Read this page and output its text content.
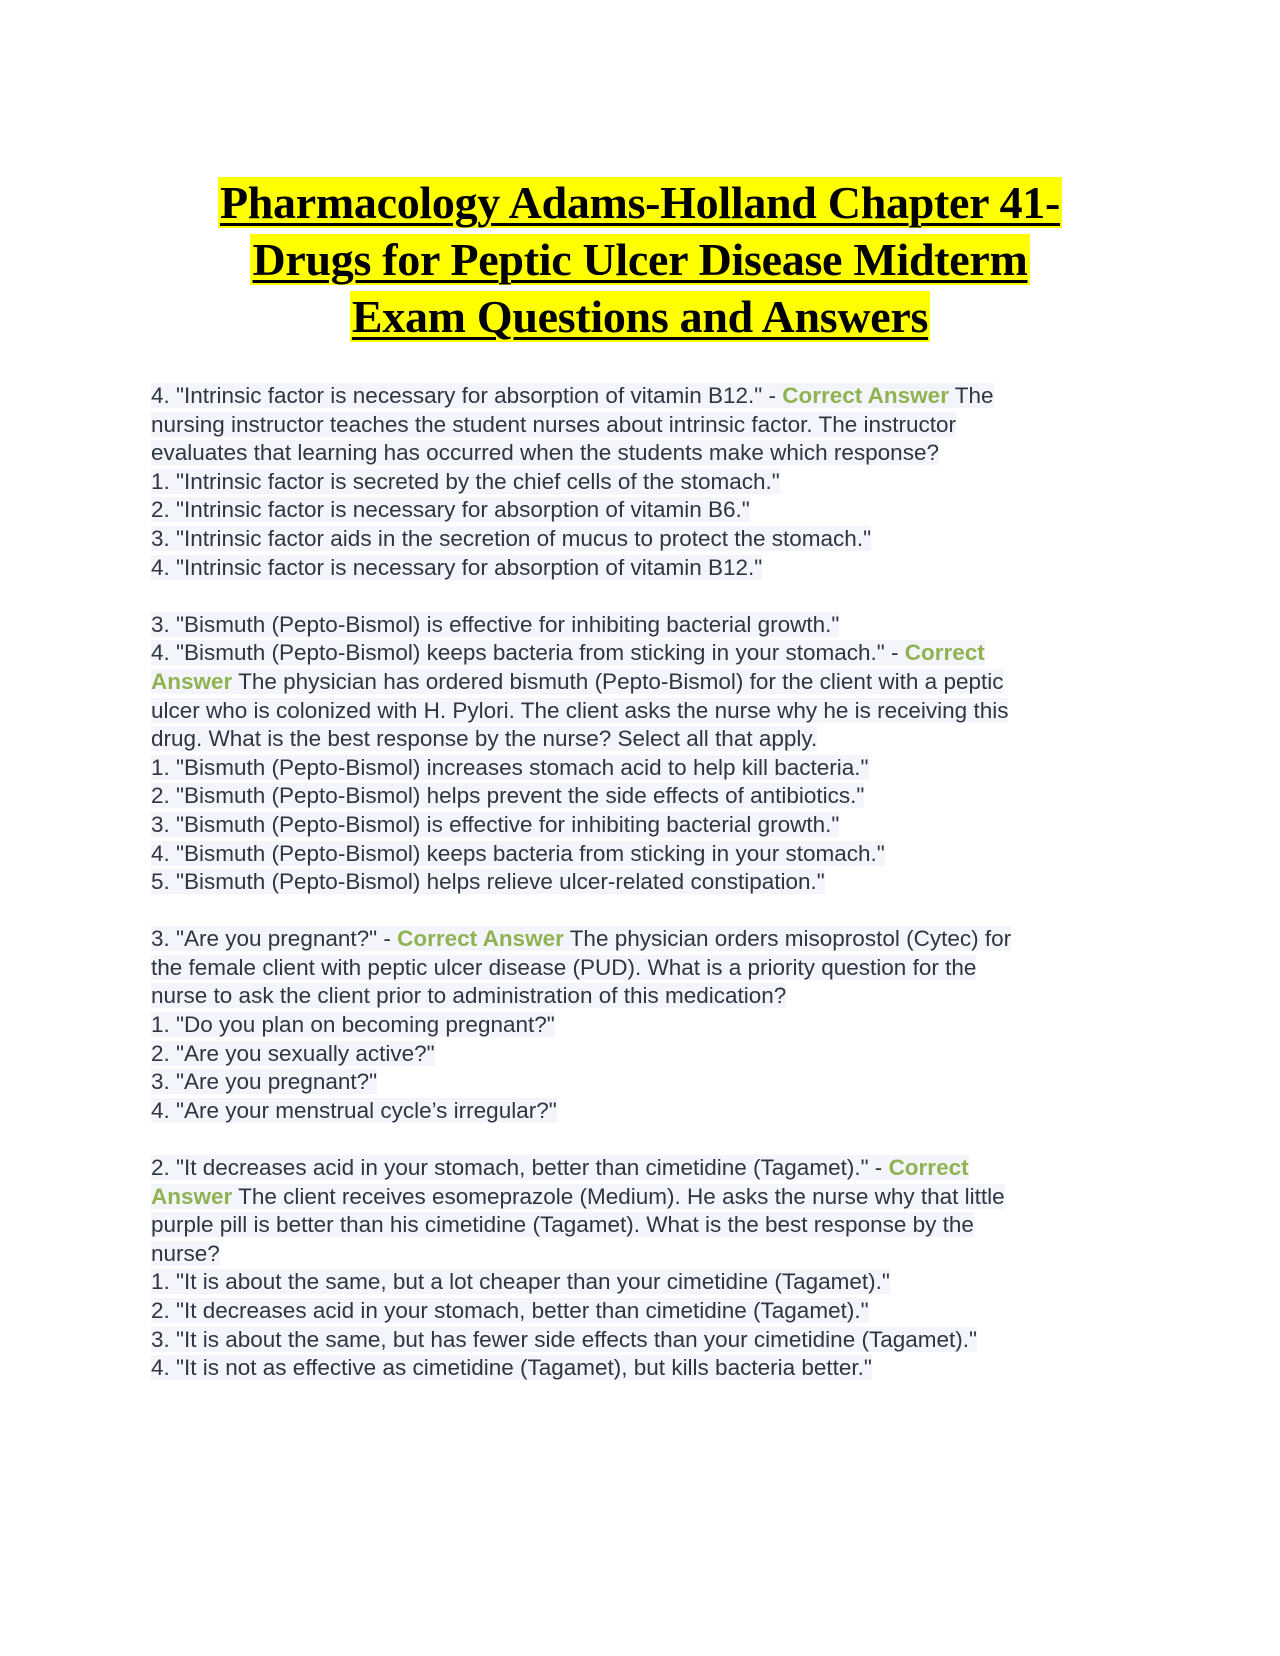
Pharmacology Adams-Holland Chapter 41-
Drugs for Peptic Ulcer Disease Midterm
Exam Questions and Answers
4. "Intrinsic factor is necessary for absorption of vitamin B12." - Correct Answer The
nursing instructor teaches the student nurses about intrinsic factor. The instructor
evaluates that learning has occurred when the students make which response?
1. "Intrinsic factor is secreted by the chief cells of the stomach."
2. "Intrinsic factor is necessary for absorption of vitamin B6."
3. "Intrinsic factor aids in the secretion of mucus to protect the stomach."
4. "Intrinsic factor is necessary for absorption of vitamin B12."
3. "Bismuth (Pepto-Bismol) is effective for inhibiting bacterial growth."
4. "Bismuth (Pepto-Bismol) keeps bacteria from sticking in your stomach." - Correct
Answer The physician has ordered bismuth (Pepto-Bismol) for the client with a peptic
ulcer who is colonized with H. Pylori. The client asks the nurse why he is receiving this
drug. What is the best response by the nurse? Select all that apply.
1. "Bismuth (Pepto-Bismol) increases stomach acid to help kill bacteria."
2. "Bismuth (Pepto-Bismol) helps prevent the side effects of antibiotics."
3. "Bismuth (Pepto-Bismol) is effective for inhibiting bacterial growth."
4. "Bismuth (Pepto-Bismol) keeps bacteria from sticking in your stomach."
5. "Bismuth (Pepto-Bismol) helps relieve ulcer-related constipation."
3. "Are you pregnant?" - Correct Answer The physician orders misoprostol (Cytec) for
the female client with peptic ulcer disease (PUD). What is a priority question for the
nurse to ask the client prior to administration of this medication?
1. "Do you plan on becoming pregnant?"
2. "Are you sexually active?"
3. "Are you pregnant?"
4. "Are your menstrual cycle’s irregular?"
2. "It decreases acid in your stomach, better than cimetidine (Tagamet)." - Correct
Answer The client receives esomeprazole (Medium). He asks the nurse why that little
purple pill is better than his cimetidine (Tagamet). What is the best response by the
nurse?
1. "It is about the same, but a lot cheaper than your cimetidine (Tagamet)."
2. "It decreases acid in your stomach, better than cimetidine (Tagamet)."
3. "It is about the same, but has fewer side effects than your cimetidine (Tagamet)."
4. "It is not as effective as cimetidine (Tagamet), but kills bacteria better."
